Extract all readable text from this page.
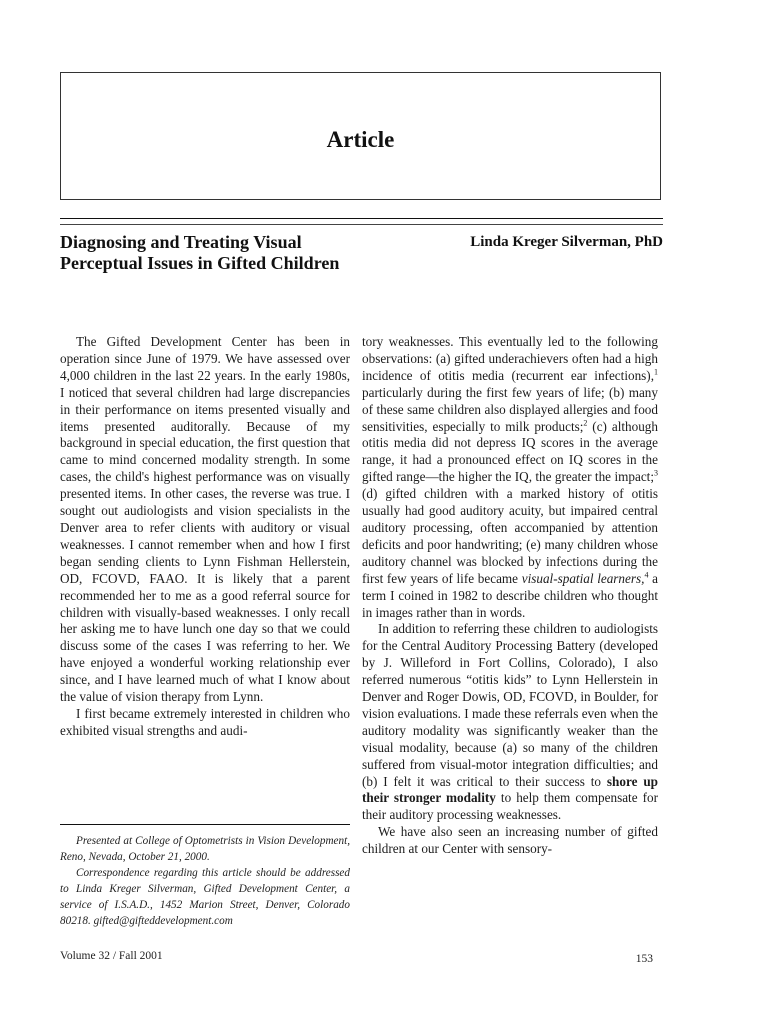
Article
Diagnosing and Treating Visual Perceptual Issues in Gifted Children
Linda Kreger Silverman, PhD

The Gifted Development Center has been in operation since June of 1979. We have assessed over 4,000 children in the last 22 years. In the early 1980s, I noticed that several children had large discrepancies in their performance on items presented visually and items presented auditorally. Because of my background in special education, the first question that came to mind concerned modality strength. In some cases, the child's highest performance was on visually presented items. In other cases, the reverse was true. I sought out audiologists and vision specialists in the Denver area to refer clients with auditory or visual weaknesses. I cannot remember when and how I first began sending clients to Lynn Fishman Hellerstein, OD, FCOVD, FAAO. It is likely that a parent recommended her to me as a good referral source for children with visually-based weaknesses. I only recall her asking me to have lunch one day so that we could discuss some of the cases I was referring to her. We have enjoyed a wonderful working relationship ever since, and I have learned much of what I know about the value of vision therapy from Lynn.

I first became extremely interested in children who exhibited visual strengths and audi-

tory weaknesses. This eventually led to the following observations: (a) gifted underachievers often had a high incidence of otitis media (recurrent ear infections),$^1$ particularly during the first few years of life; (b) many of these same children also displayed allergies and food sensitivities, especially to milk products;$^2$ (c) although otitis media did not depress IQ scores in the average range, it had a pronounced effect on IQ scores in the gifted range—the higher the IQ, the greater the impact;$^3$ (d) gifted children with a marked history of otitis usually had good auditory acuity, but impaired central auditory processing, often accompanied by attention deficits and poor handwriting; (e) many children whose auditory channel was blocked by infections during the first few years of life became visual-spatial learners,$^4$ a term I coined in 1982 to describe children who thought in images rather than in words.

In addition to referring these children to audiologists for the Central Auditory Processing Battery (developed by J. Willeford in Fort Collins, Colorado), I also referred numerous “otitis kids” to Lynn Hellerstein in Denver and Roger Dowis, OD, FCOVD, in Boulder, for vision evaluations. I made these referrals even when the auditory modality was significantly weaker than the visual modality, because (a) so many of the children suffered from visual-motor integration difficulties; and (b) I felt it was critical to their success to shore up their stronger modality to help them compensate for their auditory processing weaknesses.

We have also seen an increasing number of gifted children at our Center with sensory-

Presented at College of Optometrists in Vision Development, Reno, Nevada, October 21, 2000.

Correspondence regarding this article should be addressed to Linda Kreger Silverman, Gifted Development Center, a service of I.S.A.D., 1452 Marion Street, Denver, Colorado 80218. gifted@gifteddevelopment.com

Volume 32 / Fall 2001	153
